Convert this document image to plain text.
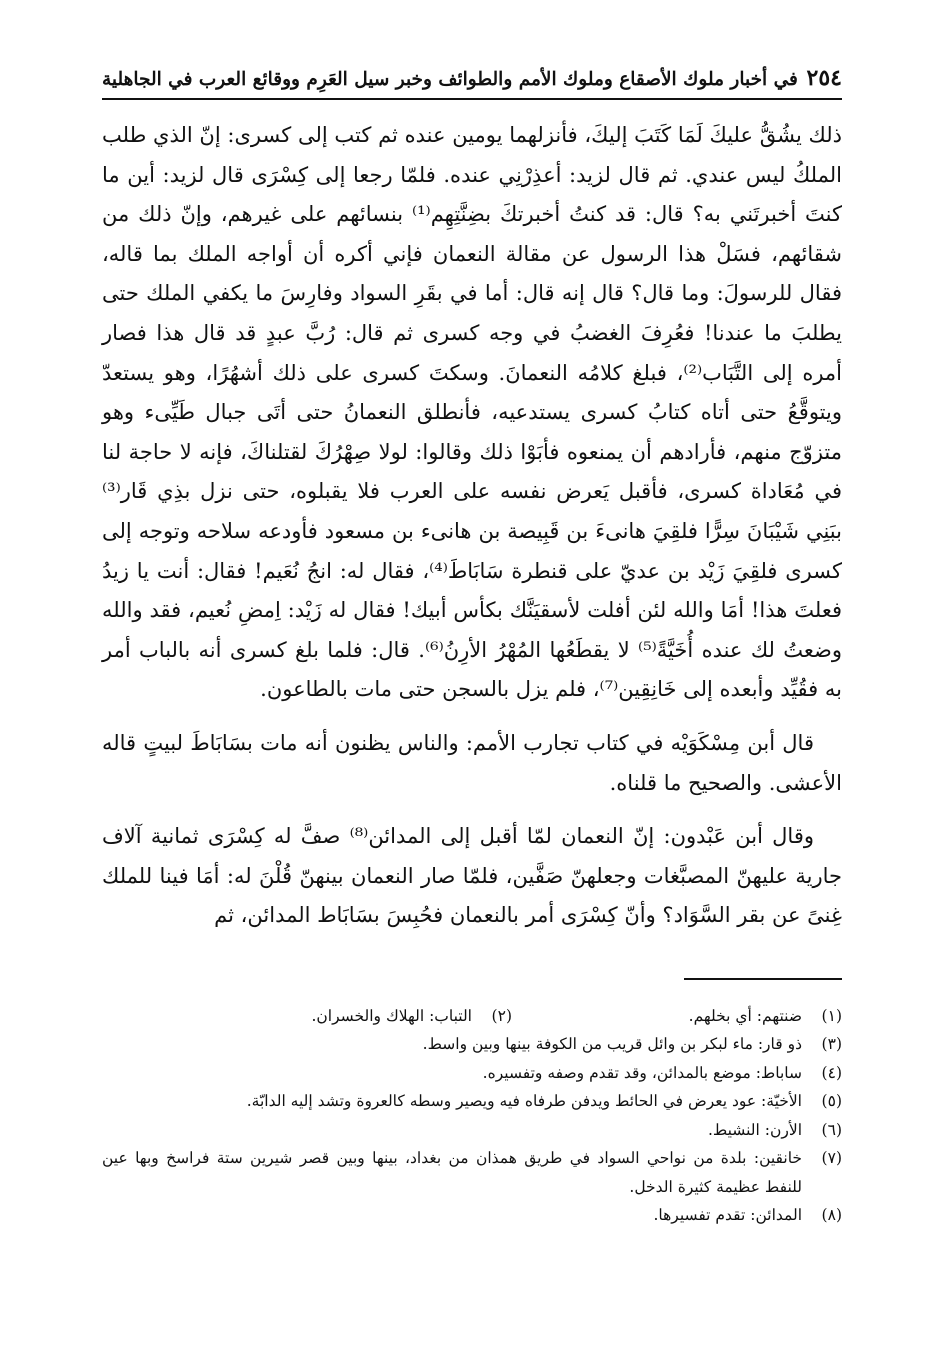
٢٥٤
في أخبار ملوك الأصقاع وملوك الأمم والطوائف وخبر سيل العَرِم ووقائع العرب في الجاهلية

ذلك يشُقُّ عليكَ لَمَا كَتَبَ إليكَ، فأنزلهما يومين عنده ثم كتب إلى كسرى: إنّ الذي طلب الملكُ ليس عندي. ثم قال لزيد: أعذِرْنِي عنده. فلمّا رجعا إلى كِسْرَى قال لزيد: أين ما كنتَ أخبرتَني به؟ قال: قد كنتُ أخبرتكَ بضِنَّتِهِم⁽¹⁾ بنسائهم على غيرهم، وإنّ ذلك من شقائهم، فسَلْ هذا الرسول عن مقالة النعمان فإني أكره أن أواجه الملك بما قاله، فقال للرسولَ: وما قال؟ قال إنه قال: أما في بقَرِ السواد وفارِسَ ما يكفي الملك حتى يطلبَ ما عندنا! فعُرِفَ الغضبُ في وجه كسرى ثم قال: رُبَّ عبدٍ قد قال هذا فصار أمره إلى التَّبَاب⁽²⁾، فبلغ كلامُه النعمانَ. وسكتَ كسرى على ذلك أشهُرًا، وهو يستعدّ ويتوقَّعُ حتى أتاه كتابُ كسرى يستدعيه، فأنطلق النعمانُ حتى أتَى جبال طَيِّىء وهو متزوّج منهم، فأرادهم أن يمنعوه فأبَوْا ذلك وقالوا: لولا صِهْرُكَ لقتلناكَ، فإنه لا حاجة لنا في مُعَاداة كسرى، فأقبل يَعرض نفسه على العرب فلا يقبلوه، حتى نزل بذِي قَار⁽³⁾ ببَنِي شَيْبَانَ سِرًّا فلقِيَ هانىءَ بن قَبِيصة بن هانىء بن مسعود فأودعه سلاحه وتوجه إلى كسرى فلقِيَ زَيْد بن عديّ على قنطرة سَابَاطَ⁽⁴⁾، فقال له: انجُ نُعَيم! فقال: أنت يا زيدُ فعلتَ هذا! أمَا والله لئن أفلت لأسقيَنَّك بكأس أبيك! فقال له زَيْد: اِمضِ نُعيم، فقد والله وضعتُ لك عنده أُخَيَّةً⁽⁵⁾ لا يقطَعُها المُهْرُ الأرِنُ⁽⁶⁾. قال: فلما بلغ كسرى أنه بالباب أمر به فقُيِّد وأبعده إلى خَانِقِين⁽⁷⁾، فلم يزل بالسجن حتى مات بالطاعون.

قال أبن مِسْكَوَيْه في كتاب تجارب الأمم: والناس يظنون أنه مات بسَابَاطَ لبيتٍ قاله الأعشى. والصحيح ما قلناه.

وقال أبن عَبْدون: إنّ النعمان لمّا أقبل إلى المدائن⁽⁸⁾ صفَّ له كِسْرَى ثمانية آلاف جارية عليهنّ المصبَّغات وجعلهنّ صَفَّين، فلمّا صار النعمان بينهنّ قُلْنَ له: أمَا فينا للملك غِنىً عن بقر السَّوَاد؟ وأنّ كِسْرَى أمر بالنعمان فحُبِسَ بسَابَاط المدائن، ثم

(١)
ضنتهم: أي بخلهم.
(٢)
التباب: الهلاك والخسران.
(٣)
ذو قار: ماء لبكر بن وائل قريب من الكوفة بينها وبين واسط.
(٤)
ساباط: موضع بالمدائن، وقد تقدم وصفه وتفسيره.
(٥)
الأخيّة: عود يعرض في الحائط ويدفن طرفاه فيه ويصير وسطه كالعروة وتشد إليه الدابّة.
(٦)
الأرن: النشيط.
(٧)
خانقين: بلدة من نواحي السواد في طريق همذان من بغداد، بينها وبين قصر شيرين ستة فراسخ وبها عين للنفط عظيمة كثيرة الدخل.
(٨)
المدائن: تقدم تفسيرها.
